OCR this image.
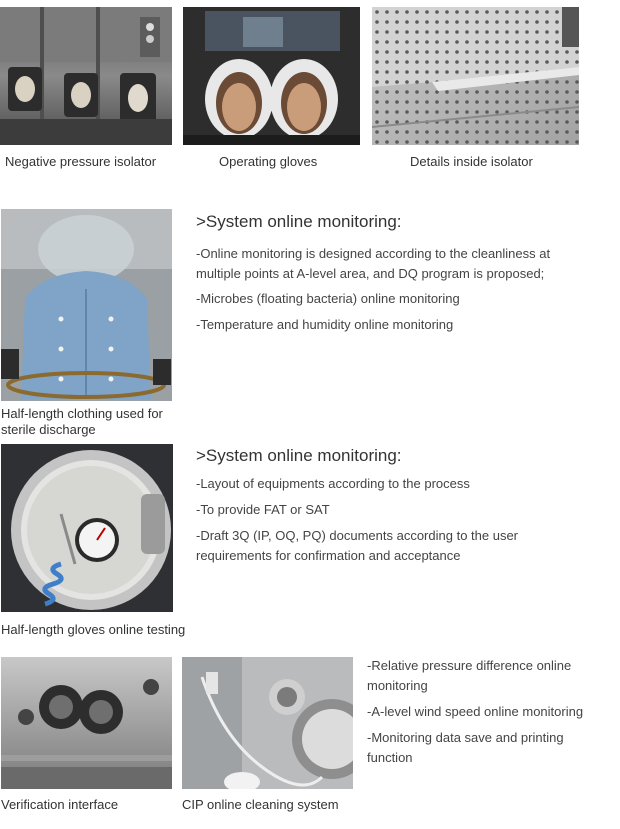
Negative pressure isolator	Operating gloves	Details inside isolator
Half-length clothing used for sterile discharge
>System online monitoring:
-Online monitoring is designed according to the cleanliness at multiple points at A-level area, and DQ program is proposed;
-Microbes (floating bacteria) online monitoring
-Temperature and humidity online monitoring
Half-length gloves online testing
>System online monitoring:
-Layout of equipments according to the process
-To provide FAT or SAT
-Draft 3Q (IP, OQ, PQ) documents according to the user requirements for confirmation and acceptance
Verification interface	CIP online cleaning system
-Relative pressure difference online monitoring
-A-level wind speed online monitoring
-Monitoring data save and printing function
